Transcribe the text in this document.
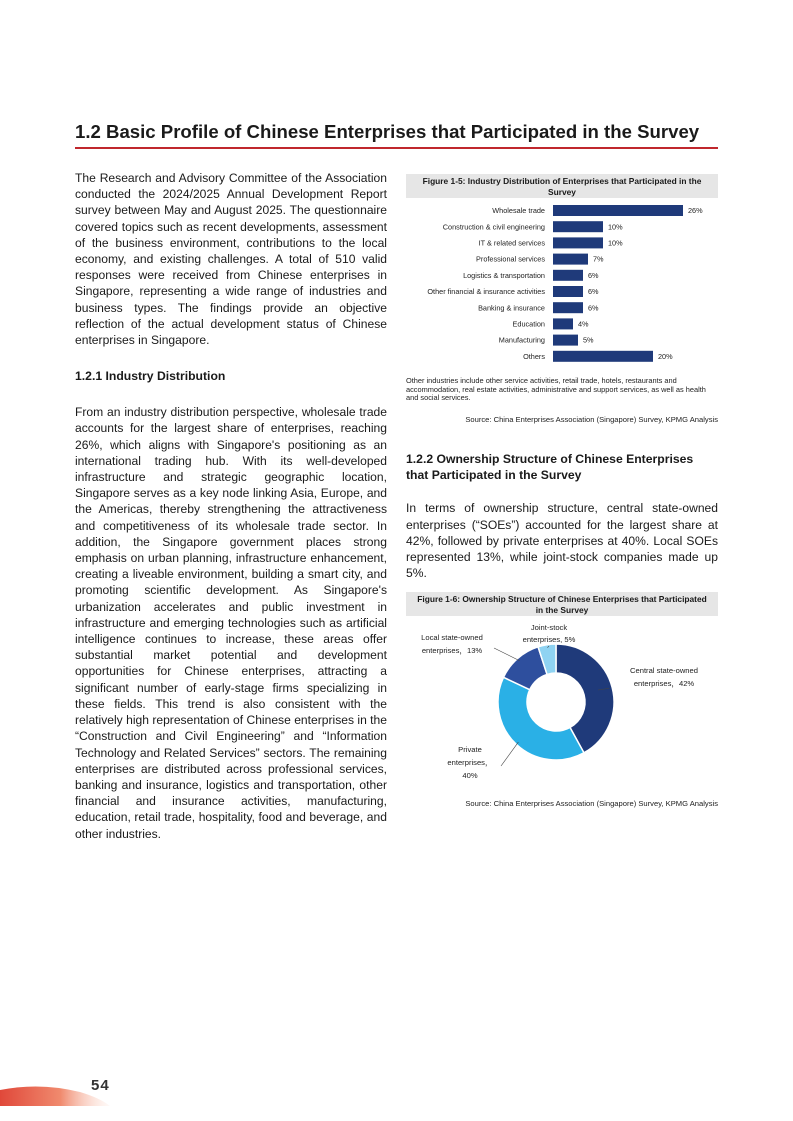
1.2 Basic Profile of Chinese Enterprises that Participated in the Survey

The Research and Advisory Committee of the Association conducted the 2024/2025 Annual Development Report survey between May and August 2025. The questionnaire covered topics such as recent developments, assessment of the business environment, contributions to the local economy, and existing challenges. A total of 510 valid responses were received from Chinese enterprises in Singapore, representing a wide range of industries and business types. The findings provide an objective reflection of the actual development status of Chinese enterprises in Singapore.

1.2.1 Industry Distribution

From an industry distribution perspective, wholesale trade accounts for the largest share of enterprises, reaching 26%, which aligns with Singapore's positioning as an international trading hub. With its well-developed infrastructure and strategic geographic location, Singapore serves as a key node linking Asia, Europe, and the Americas, thereby strengthening the attractiveness and competitiveness of its wholesale trade sector. In addition, the Singapore government places strong emphasis on urban planning, infrastructure enhancement, creating a liveable environment, building a smart city, and promoting scientific development. As Singapore's urbanization accelerates and public investment in infrastructure and emerging technologies such as artificial intelligence continues to increase, these areas offer substantial market potential and development opportunities for Chinese enterprises, attracting a significant number of early-stage firms specializing in these fields. This trend is also consistent with the relatively high representation of Chinese enterprises in the “Construction and Civil Engineering” and “Information Technology and Related Services” sectors. The remaining enterprises are distributed across professional services, banking and insurance, logistics and transportation, other financial and insurance activities, manufacturing, education, retail trade, hospitality, food and beverage, and other industries.

Figure 1-5: Industry Distribution of Enterprises that Participated in the Survey
Wholesale trade	26%
Construction & civil engineering	10%
IT & related services	10%
Professional services	7%
Logistics & transportation	6%
Other financial & insurance activities	6%
Banking & insurance	6%
Education	4%
Manufacturing	5%
Others	20%

Other industries include other service activities, retail trade, hotels, restaurants and accommodation, real estate activities, administrative and support services, as well as health and social services.

Source: China Enterprises Association (Singapore) Survey, KPMG Analysis

1.2.2 Ownership Structure of Chinese Enterprises that Participated in the Survey

In terms of ownership structure, central state-owned enterprises (“SOEs”) accounted for the largest share at 42%, followed by private enterprises at 40%. Local SOEs represented 13%, while joint-stock companies made up 5%.

Figure 1-6: Ownership Structure of Chinese Enterprises that Participated in the Survey
Central state-owned
enterprises，42%
Private
enterprises，
40%
Local state-owned
enterprises，13%
Joint-stock
enterprises, 5%

Source: China Enterprises Association (Singapore) Survey, KPMG Analysis

54
